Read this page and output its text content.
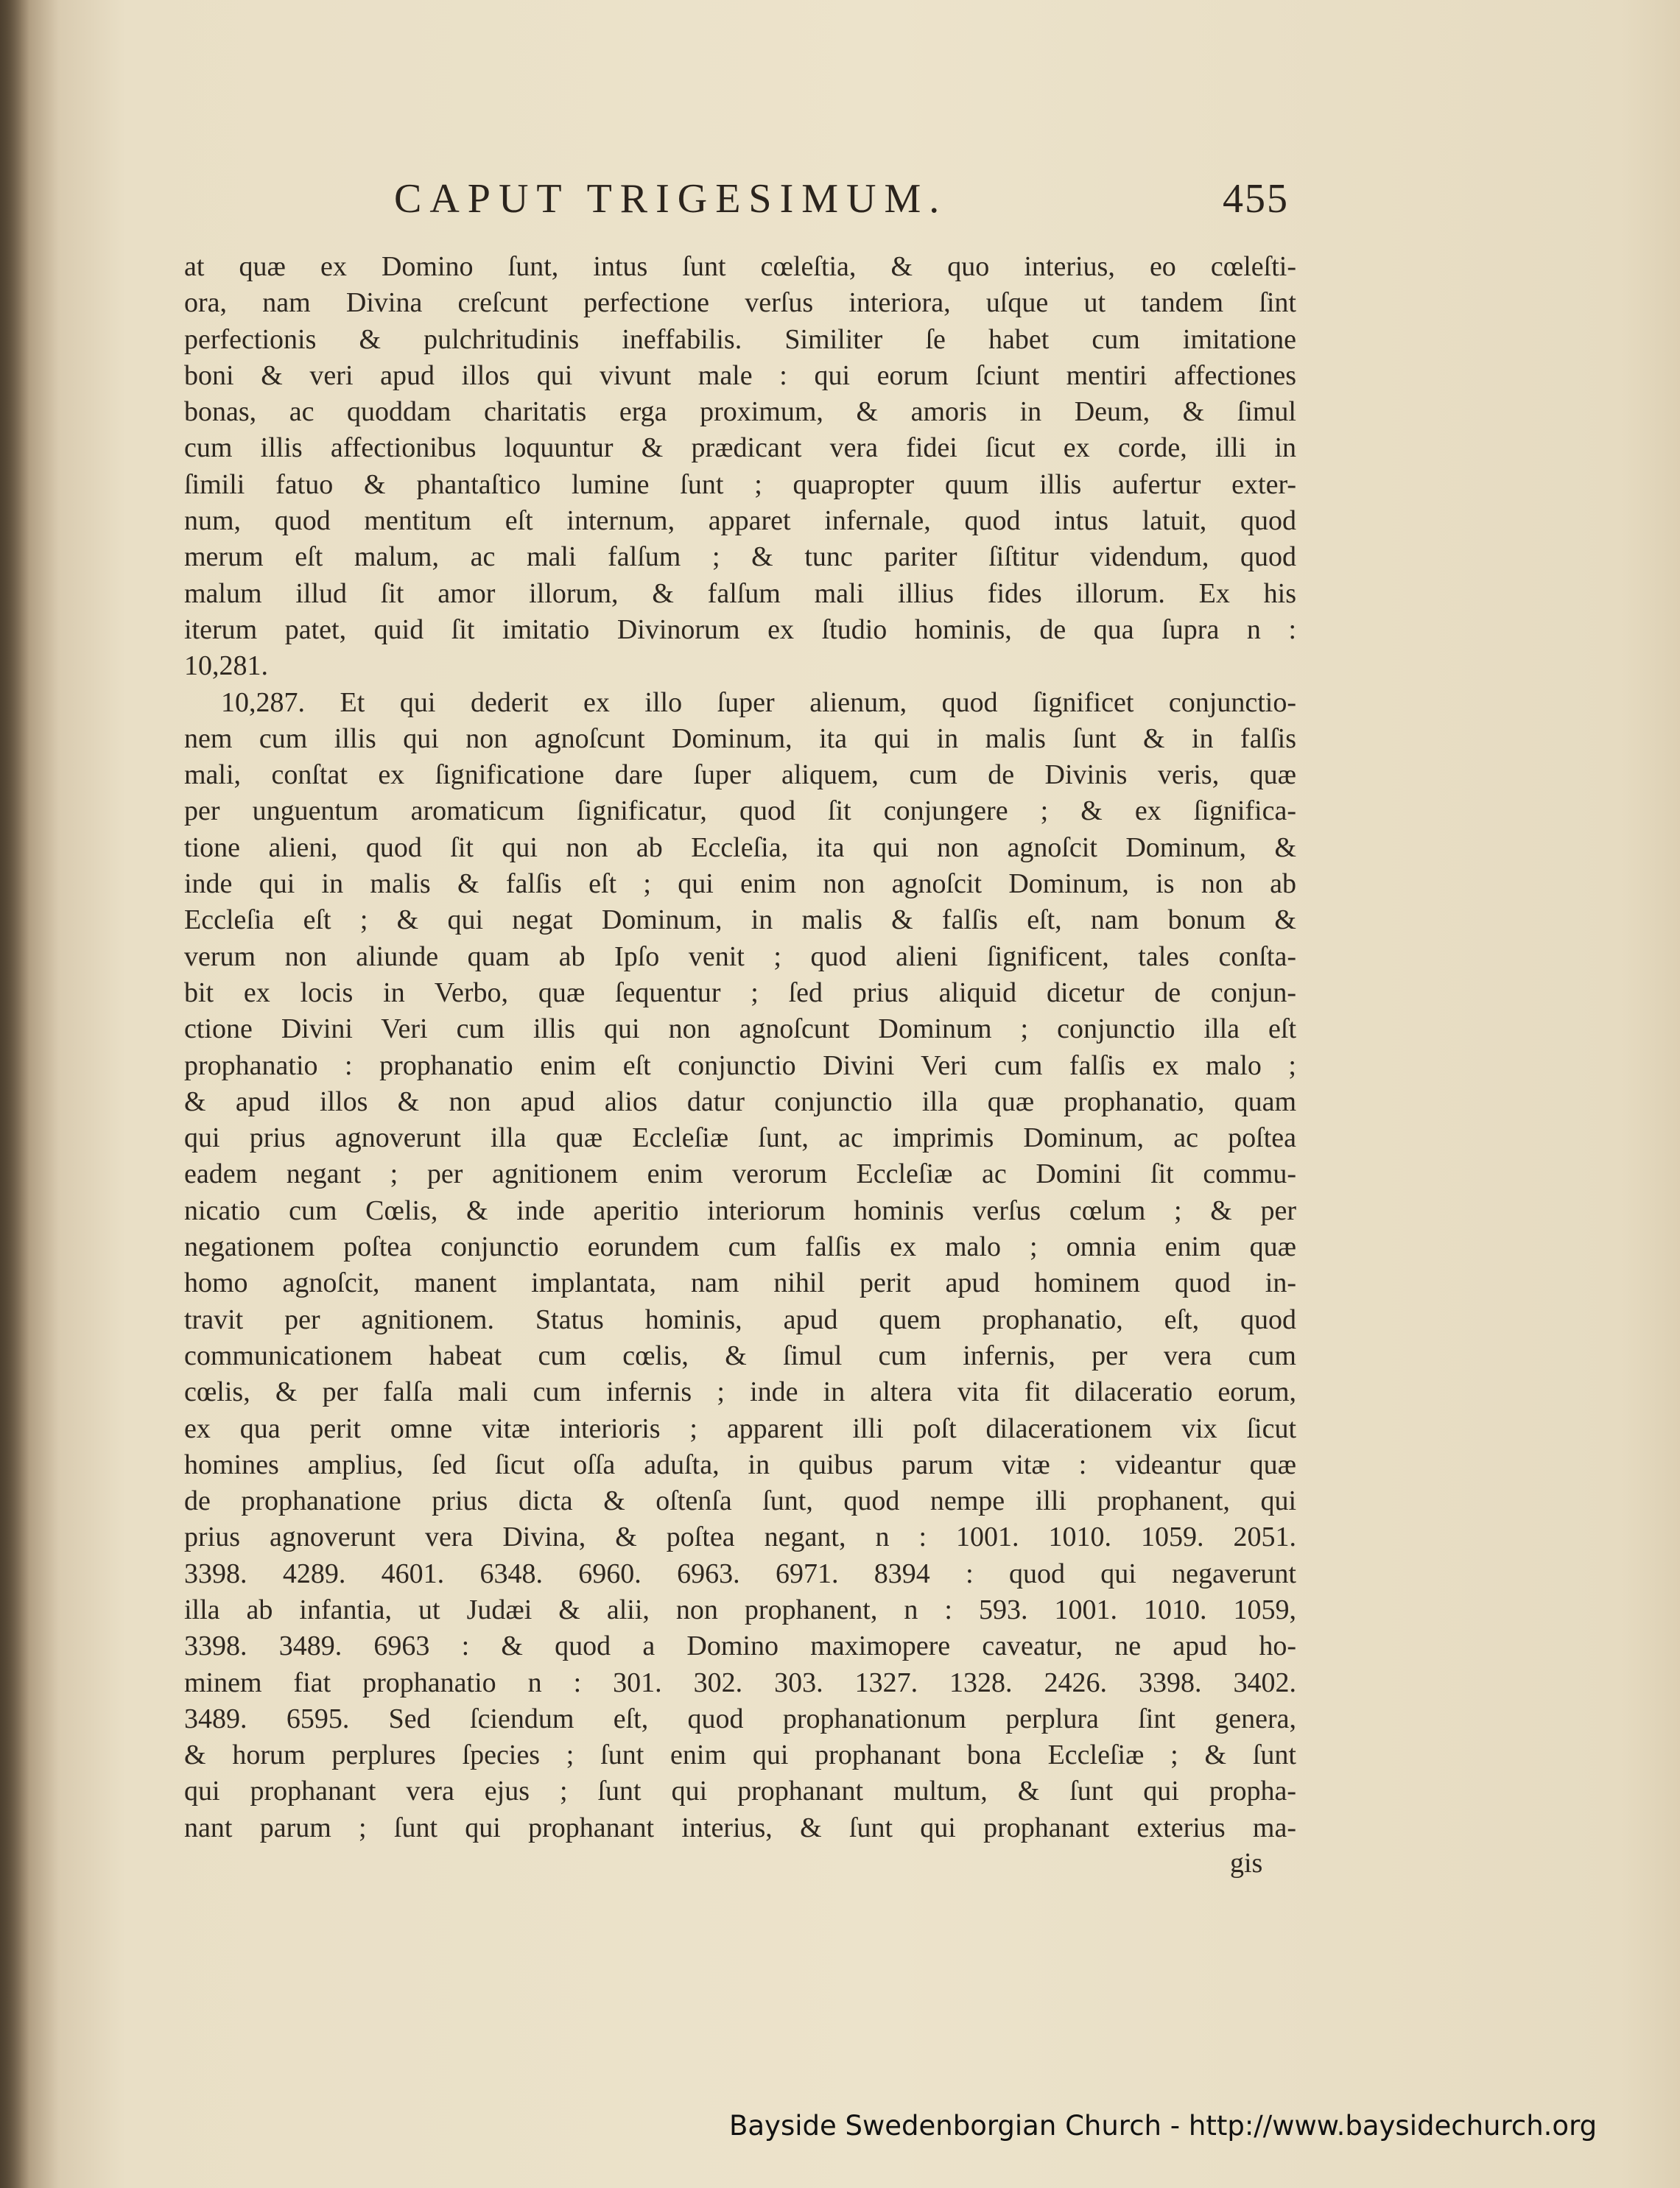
CAPUT TRIGESIMUM.	455
at quæ ex Domino ſunt, intus ſunt cœleſtia, & quo interius, eo cœleſti-
ora, nam Divina creſcunt perfectione verſus interiora, uſque ut tandem ſint
perfectionis & pulchritudinis ineffabilis. Similiter ſe habet cum imitatione
boni & veri apud illos qui vivunt male : qui eorum ſciunt mentiri affectiones
bonas, ac quoddam charitatis erga proximum, & amoris in Deum, & ſimul
cum illis affectionibus loquuntur & prædicant vera fidei ſicut ex corde, illi in
ſimili fatuo & phantaſtico lumine ſunt ; quapropter quum illis aufertur exter-
num, quod mentitum eſt internum, apparet infernale, quod intus latuit, quod
merum eſt malum, ac mali falſum ; & tunc pariter ſiſtitur videndum, quod
malum illud ſit amor illorum, & falſum mali illius fides illorum. Ex his
iterum patet, quid ſit imitatio Divinorum ex ſtudio hominis, de qua ſupra n :
10,281.
10,287. Et qui dederit ex illo ſuper alienum, quod ſignificet conjunctio-
nem cum illis qui non agnoſcunt Dominum, ita qui in malis ſunt & in falſis
mali, conſtat ex ſignificatione dare ſuper aliquem, cum de Divinis veris, quæ
per unguentum aromaticum ſignificatur, quod ſit conjungere ; & ex ſignifica-
tione alieni, quod ſit qui non ab Eccleſia, ita qui non agnoſcit Dominum, &
inde qui in malis & falſis eſt ; qui enim non agnoſcit Dominum, is non ab
Eccleſia eſt ; & qui negat Dominum, in malis & falſis eſt, nam bonum &
verum non aliunde quam ab Ipſo venit ; quod alieni ſignificent, tales conſta-
bit ex locis in Verbo, quæ ſequentur ; ſed prius aliquid dicetur de conjun-
ctione Divini Veri cum illis qui non agnoſcunt Dominum ; conjunctio illa eſt
prophanatio : prophanatio enim eſt conjunctio Divini Veri cum falſis ex malo ;
& apud illos & non apud alios datur conjunctio illa quæ prophanatio, quam
qui prius agnoverunt illa quæ Eccleſiæ ſunt, ac imprimis Dominum, ac poſtea
eadem negant ; per agnitionem enim verorum Eccleſiæ ac Domini ſit commu-
nicatio cum Cœlis, & inde aperitio interiorum hominis verſus cœlum ; & per
negationem poſtea conjunctio eorundem cum falſis ex malo ; omnia enim quæ
homo agnoſcit, manent implantata, nam nihil perit apud hominem quod in-
travit per agnitionem. Status hominis, apud quem prophanatio, eſt, quod
communicationem habeat cum cœlis, & ſimul cum infernis, per vera cum
cœlis, & per falſa mali cum infernis ; inde in altera vita fit dilaceratio eorum,
ex qua perit omne vitæ interioris ; apparent illi poſt dilacerationem vix ſicut
homines amplius, ſed ſicut oſſa aduſta, in quibus parum vitæ : videantur quæ
de prophanatione prius dicta & oſtenſa ſunt, quod nempe illi prophanent, qui
prius agnoverunt vera Divina, & poſtea negant, n : 1001. 1010. 1059. 2051.
3398. 4289. 4601. 6348. 6960. 6963. 6971. 8394 : quod qui negaverunt
illa ab infantia, ut Judæi & alii, non prophanent, n : 593. 1001. 1010. 1059,
3398. 3489. 6963 : & quod a Domino maximopere caveatur, ne apud ho-
minem fiat prophanatio n : 301. 302. 303. 1327. 1328. 2426. 3398. 3402.
3489. 6595. Sed ſciendum eſt, quod prophanationum perplura ſint genera,
& horum perplures ſpecies ; ſunt enim qui prophanant bona Eccleſiæ ; & ſunt
qui prophanant vera ejus ; ſunt qui prophanant multum, & ſunt qui propha-
nant parum ; ſunt qui prophanant interius, & ſunt qui prophanant exterius ma-
gis
Bayside Swedenborgian Church - http://www.baysidechurch.org
